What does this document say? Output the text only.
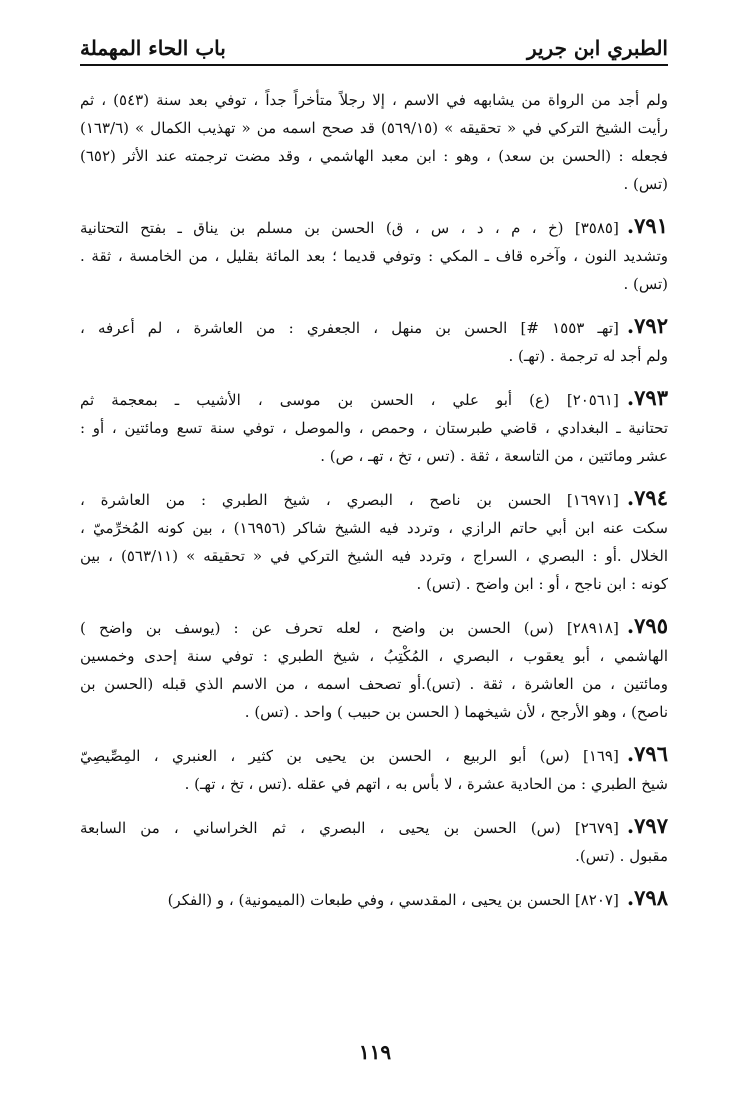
الطبري ابن جرير
باب الحاء المهملة
ولم أجد من الرواة من يشابهه في الاسم ، إلا رجلاً متأخراً جداً ، توفي بعد سنة (٥٤٣) ، ثم
رأيت الشيخ التركي في « تحقيقه » (٥٦٩/١٥) قد صحح اسمه من « تهذيب الكمال » (١٦٣/٦)
فجعله : (الحسن بن سعد) ، وهو : ابن معبد الهاشمي ، وقد مضت ترجمته عند الأثر (٦٥٢)
(تس) .
٧٩١.[٣٥٨٥] (خ ، م ، د ، س ، ق) الحسن بن مسلم بن يناق ـ بفتح التحتانية
وتشديد النون ، وآخره قاف ـ المكي : وتوفي قديما ؛ بعد المائة بقليل ، من الخامسة ، ثقة .
(تس) .
٧٩٢.[تهـ ١٥٥٣ #] الحسن بن منهل ، الجعفري : من العاشرة ، لم أعرفه ،
ولم أجد له ترجمة . (تهـ) .
٧٩٣.[٢٠٥٦١] (ع) أبو علي ، الحسن بن موسى ، الأشيب ـ بمعجمة ثم
تحتانية ـ البغدادي ، قاضي طبرستان ، وحمص ، والموصل ، توفي سنة تسع ومائتين ، أو :
عشر ومائتين ، من التاسعة ، ثقة . (تس ، تخ ، تهـ ، ص) .
٧٩٤.[١٦٩٧١] الحسن بن ناصح ، البصري ، شيخ الطبري : من العاشرة ،
سكت عنه ابن أبي حاتم الرازي ، وتردد فيه الشيخ شاكر (١٦٩٥٦) ، بين كونه المُخرِّميّ ،
الخلال .أو : البصري ، السراج ، وتردد فيه الشيخ التركي في « تحقيقه » (٥٦٣/١١) ، بين
كونه : ابن ناجح ، أو : ابن واضح . (تس) .
٧٩٥.[٢٨٩١٨] (س) الحسن بن واضح ، لعله تحرف عن : (يوسف بن واضح )
الهاشمي ، أبو يعقوب ، البصري ، المُكْتِبُ ، شيخ الطبري : توفي سنة إحدى وخمسين
ومائتين ، من العاشرة ، ثقة . (تس).أو تصحف اسمه ، من الاسم الذي قبله (الحسن بن
ناصح) ، وهو الأرجح ، لأن شيخهما ( الحسن بن حبيب ) واحد . (تس) .
٧٩٦.[١٦٩] (س) أبو الربيع ، الحسن بن يحيى بن كثير ، العنبري ، المِصِّيصِيّ
شيخ الطبري : من الحادية عشرة ، لا بأس به ، اتهم في عقله .(تس ، تخ ، تهـ) .
٧٩٧.[٢٦٧٩] (س) الحسن بن يحيى ، البصري ، ثم الخراساني ، من السابعة
مقبول . (تس).
٧٩٨.[٨٢٠٧] الحسن بن يحيى ، المقدسي ، وفي طبعات (الميمونية) ، و (الفكر)
١١٩
